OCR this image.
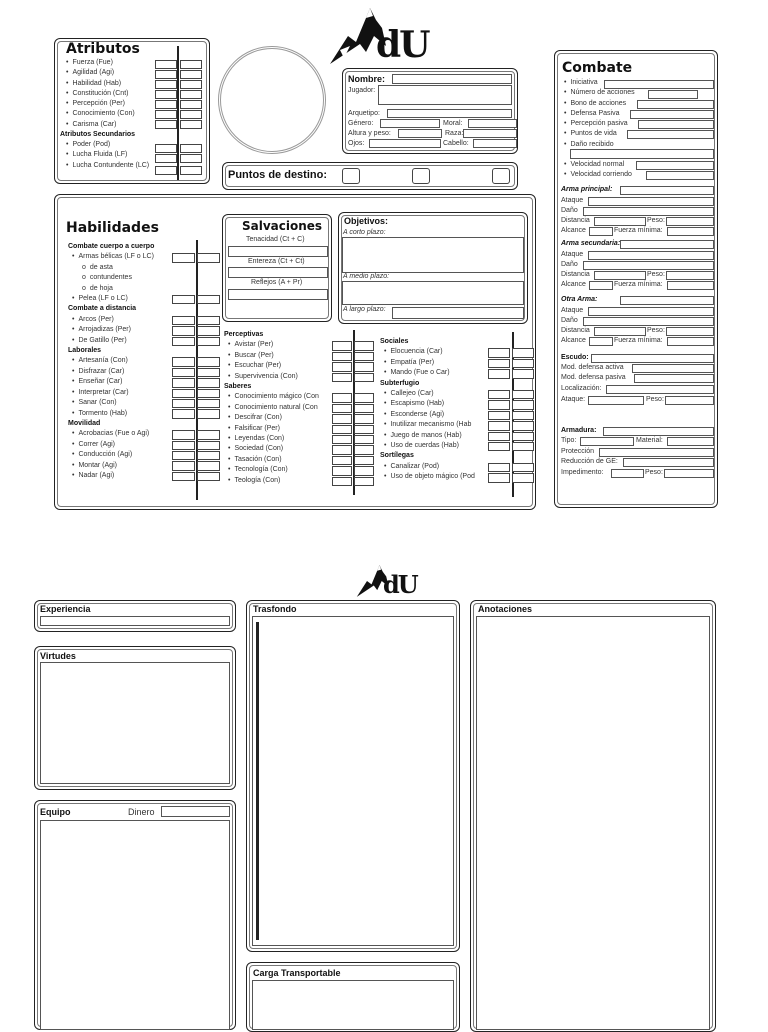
dU
Atributos
• Fuerza (Fue)
• Agilidad (Agi)
• Habilidad (Hab)
• Constitución (Cnt)
• Percepción (Per)
• Conocimiento (Con)
• Carisma (Car)
Atributos Secundarios
• Poder (Pod)
• Lucha Fluida (LF)
• Lucha Contundente (LC)
Nombre:
Jugador:
Arquetipo:
Género:	Moral:
Altura y peso:	Raza:
Ojos:	Cabello:
Puntos de destino:
Combate
• Iniciativa
• Número de acciones
• Bono de acciones
• Defensa Pasiva
• Percepción pasiva
• Puntos de vida
• Daño recibido
• Velocidad normal
• Velocidad corriendo
Arma principal:
Ataque
Daño
Distancia	Peso:
Alcance	Fuerza mínima:
Arma secundaria:
Ataque
Daño
Distancia	Peso:
Alcance	Fuerza mínima:
Otra Arma:
Ataque
Daño
Distancia	Peso:
Alcance	Fuerza mínima:
Escudo:
Mod. defensa activa
Mod. defensa pasiva
Localización:
Ataque:	Peso:
Armadura:
Tipo:	Material:
Protección
Reducción de GE:
Impedimento:	Peso:
Habilidades
Combate cuerpo a cuerpo
• Armas bélicas (LF o LC)
o de asta
o contundentes
o de hoja
• Pelea (LF o LC)
Combate a distancia
• Arcos (Per)
• Arrojadizas (Per)
• De Gatillo (Per)
Laborales
• Artesanía (Con)
• Disfrazar (Car)
• Enseñar (Car)
• Interpretar (Car)
• Sanar (Con)
• Tormento (Hab)
Movilidad
• Acrobacias (Fue o Agi)
• Correr (Agi)
• Conducción (Agi)
• Montar (Agi)
• Nadar (Agi)
Salvaciones
Tenacidad (Ct + C)
Entereza (Ct + Ct)
Reflejos (A + Pr)
Objetivos:
A corto plazo:
A medio plazo:
A largo plazo:
Perceptivas
• Avistar (Per)
• Buscar (Per)
• Escuchar (Per)
• Supervivencia (Con)
Saberes
• Conocimiento mágico (Con
• Conocimiento natural (Con
• Descifrar (Con)
• Falsificar (Per)
• Leyendas (Con)
• Sociedad (Con)
• Tasación (Con)
• Tecnología (Con)
• Teología (Con)
Sociales
• Elocuencia (Car)
• Empatía (Per)
• Mando (Fue o Car)
Subterfugio
• Callejeo (Car)
• Escapismo (Hab)
• Esconderse (Agi)
• Inutilizar mecanismo (Hab
• Juego de manos (Hab)
• Uso de cuerdas (Hab)
Sortílegas
• Canalizar (Pod)
• Uso de objeto mágico (Pod
dU
Experiencia
Virtudes
Equipo	Dinero
Trasfondo
Carga Transportable
Anotaciones
